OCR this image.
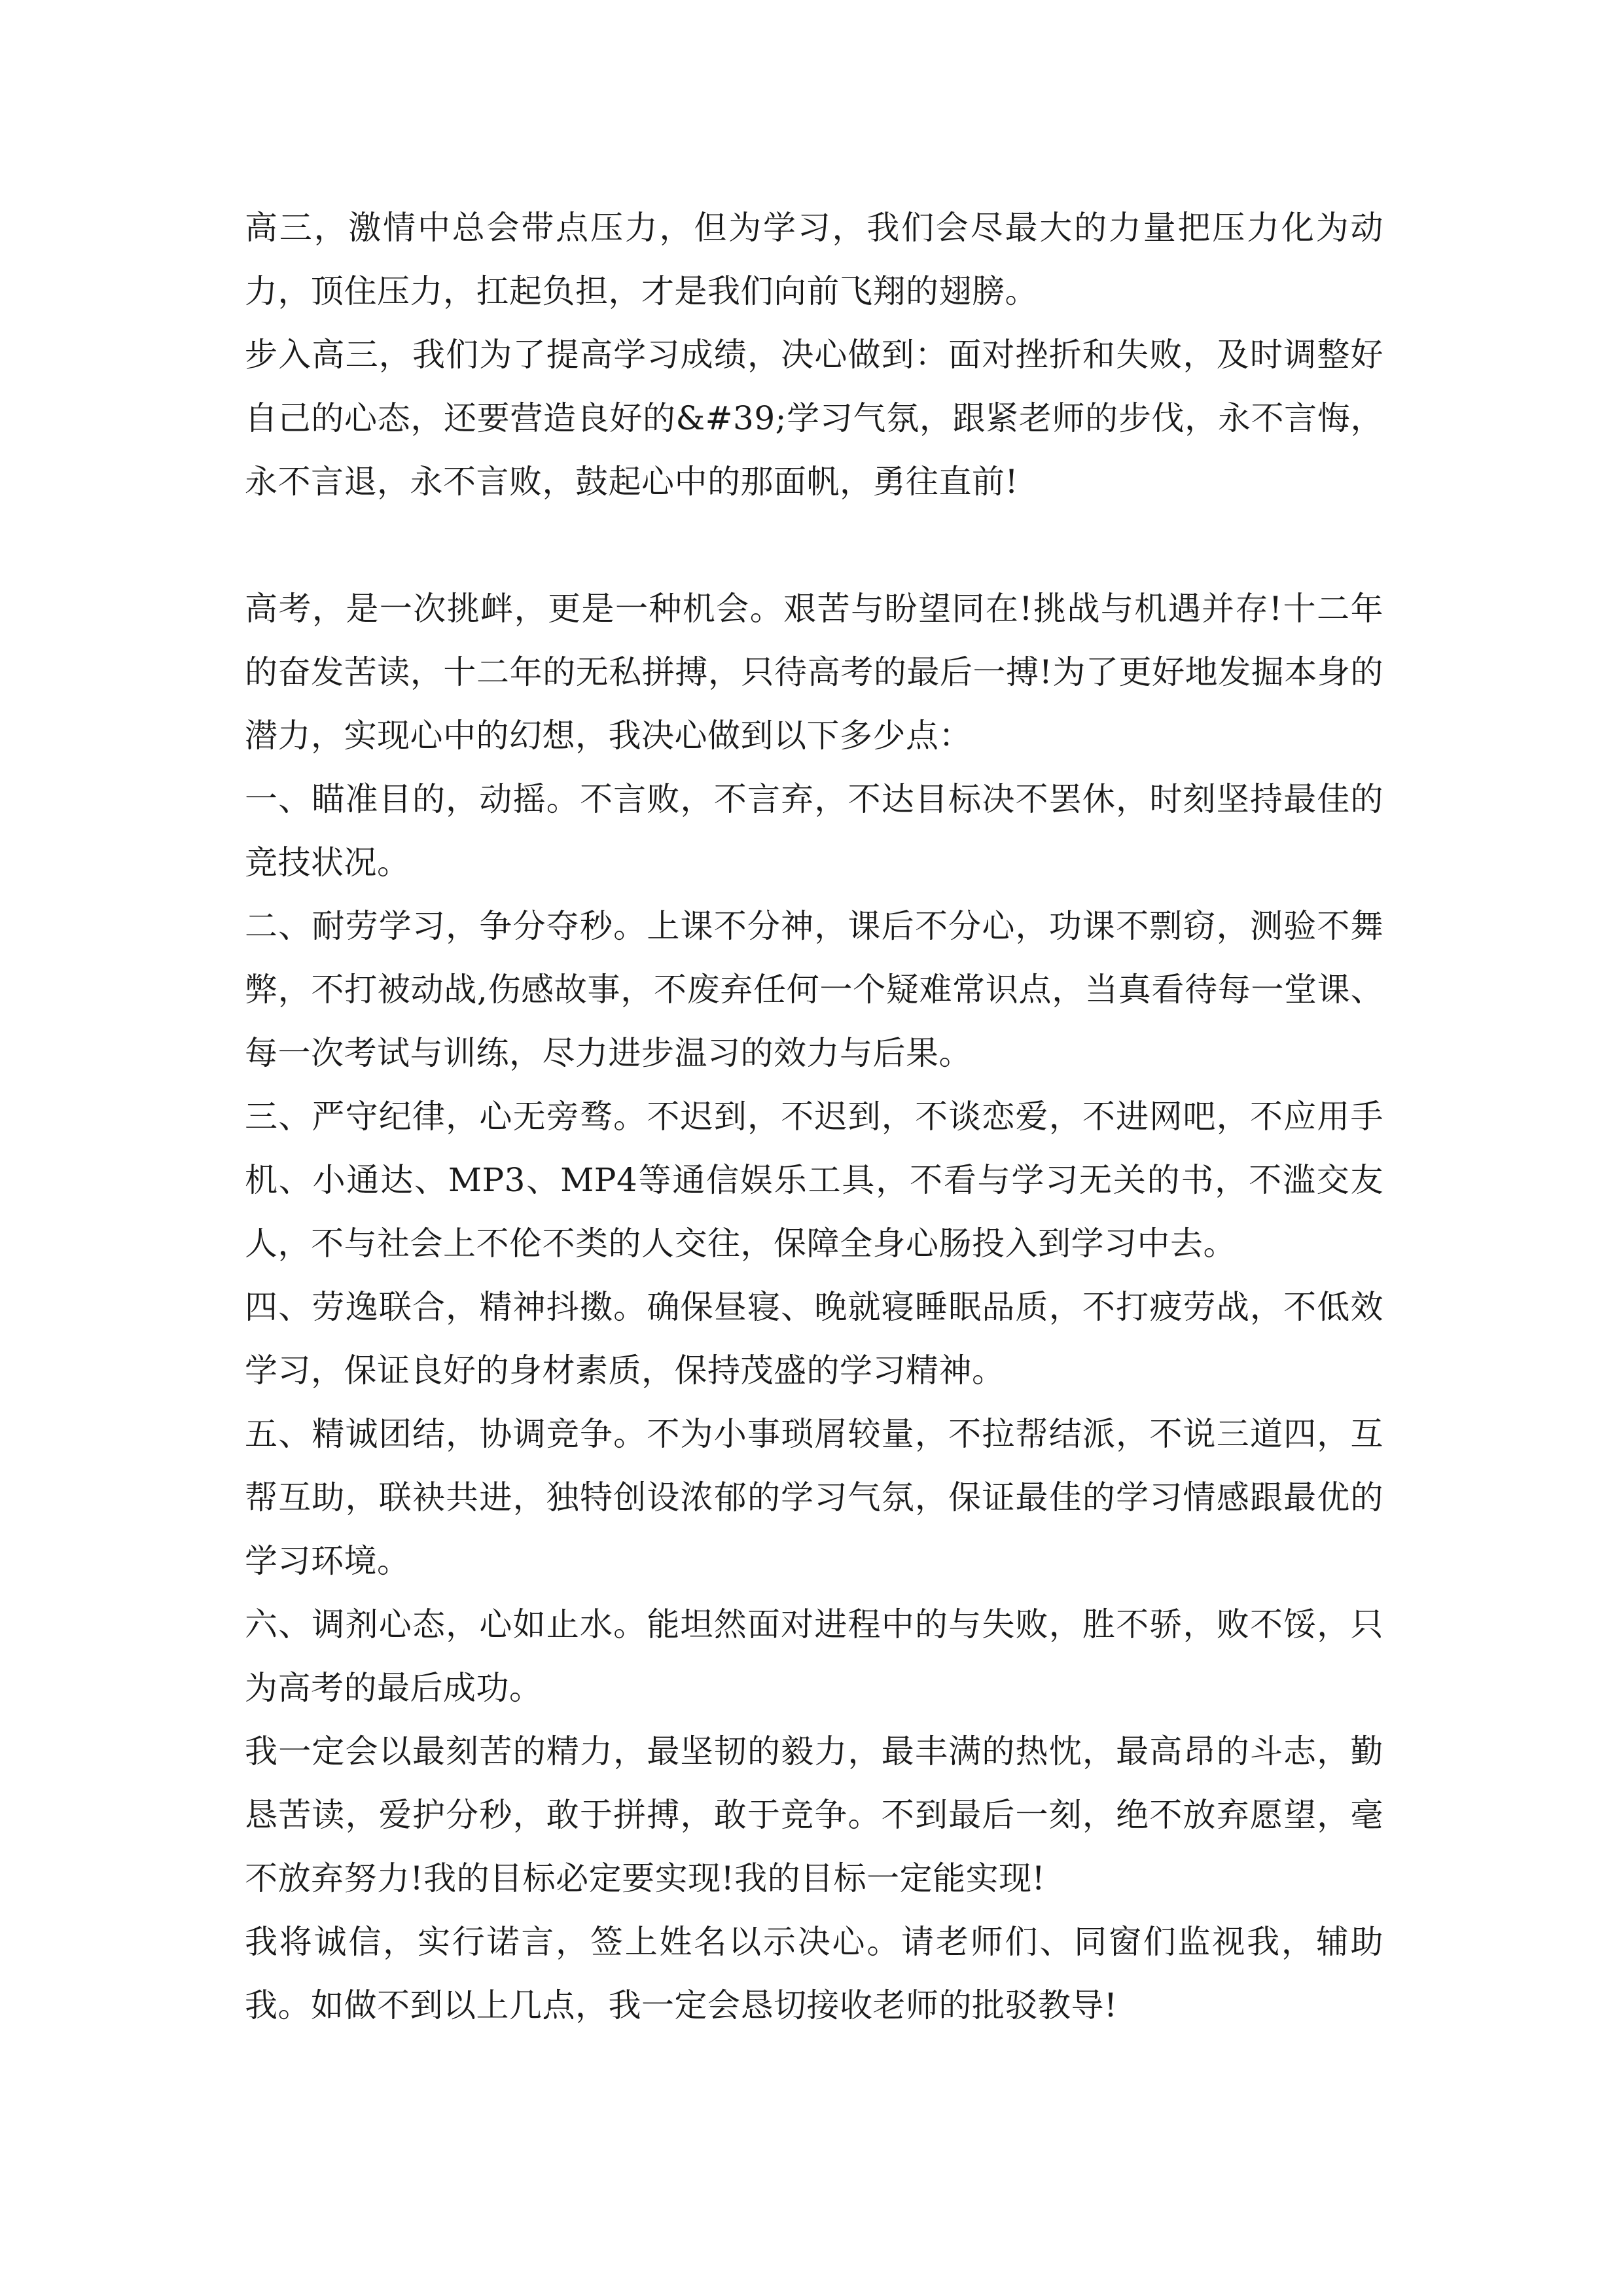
高三，激情中总会带点压力，但为学习，我们会尽最大的力量把压力化为动力，顶住压力，扛起负担，才是我们向前飞翔的翅膀。

步入高三，我们为了提高学习成绩，决心做到：面对挫折和失败，及时调整好自己的心态，还要营造良好的&#39;学习气氛，跟紧老师的步伐，永不言悔，永不言退，永不言败，鼓起心中的那面帆，勇往直前!

高考，是一次挑衅，更是一种机会。艰苦与盼望同在!挑战与机遇并存!十二年的奋发苦读，十二年的无私拼搏，只待高考的最后一搏!为了更好地发掘本身的潜力，实现心中的幻想，我决心做到以下多少点：

一、瞄准目的，动摇。不言败，不言弃，不达目标决不罢休，时刻坚持最佳的竞技状况。

二、耐劳学习，争分夺秒。上课不分神，课后不分心，功课不剽窃，测验不舞弊，不打被动战,伤感故事，不废弃任何一个疑难常识点，当真看待每一堂课、每一次考试与训练，尽力进步温习的效力与后果。

三、严守纪律，心无旁骛。不迟到，不迟到，不谈恋爱，不进网吧，不应用手机、小通达、MP3、MP4等通信娱乐工具，不看与学习无关的书，不滥交友人，不与社会上不伦不类的人交往，保障全身心肠投入到学习中去。

四、劳逸联合，精神抖擞。确保昼寝、晚就寝睡眠品质，不打疲劳战，不低效学习，保证良好的身材素质，保持茂盛的学习精神。

五、精诚团结，协调竞争。不为小事琐屑较量，不拉帮结派，不说三道四，互帮互助，联袂共进，独特创设浓郁的学习气氛，保证最佳的学习情感跟最优的学习环境。

六、调剂心态，心如止水。能坦然面对进程中的与失败，胜不骄，败不馁，只为高考的最后成功。

我一定会以最刻苦的精力，最坚韧的毅力，最丰满的热忱，最高昂的斗志，勤恳苦读，爱护分秒，敢于拼搏，敢于竞争。不到最后一刻，绝不放弃愿望，毫不放弃努力!我的目标必定要实现!我的目标一定能实现!

我将诚信，实行诺言，签上姓名以示决心。请老师们、同窗们监视我，辅助我。如做不到以上几点，我一定会恳切接收老师的批驳教导!
